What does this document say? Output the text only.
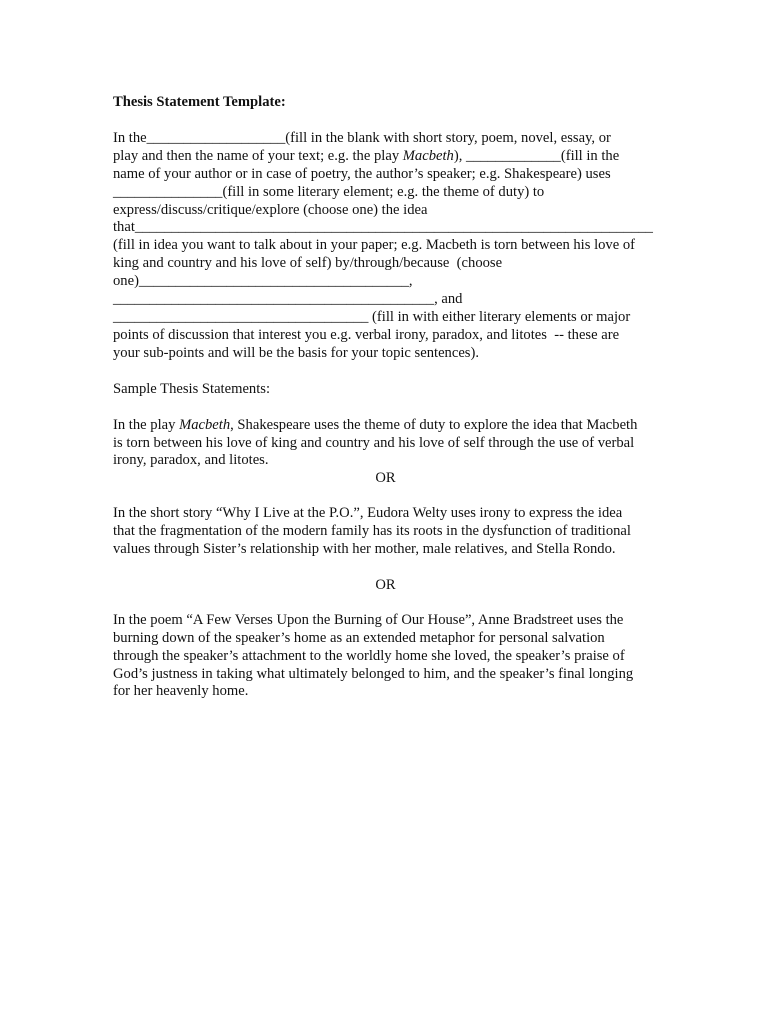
Thesis Statement Template:
In the___________________(fill in the blank with short story, poem, novel, essay, or
play and then the name of your text; e.g. the play Macbeth), _____________(fill in the
name of your author or in case of poetry, the author’s speaker; e.g. Shakespeare) uses
_______________(fill in some literary element; e.g. the theme of duty) to
express/discuss/critique/explore (choose one) the idea
that_______________________________________________________________________
(fill in idea you want to talk about in your paper; e.g. Macbeth is torn between his love of
king and country and his love of self) by/through/because  (choose
one)_____________________________________,
____________________________________________, and
___________________________________ (fill in with either literary elements or major
points of discussion that interest you e.g. verbal irony, paradox, and litotes  -- these are
your sub-points and will be the basis for your topic sentences).
Sample Thesis Statements:
In the play Macbeth, Shakespeare uses the theme of duty to explore the idea that Macbeth
is torn between his love of king and country and his love of self through the use of verbal
irony, paradox, and litotes.
OR
In the short story “Why I Live at the P.O.”, Eudora Welty uses irony to express the idea
that the fragmentation of the modern family has its roots in the dysfunction of traditional
values through Sister’s relationship with her mother, male relatives, and Stella Rondo.
OR
In the poem “A Few Verses Upon the Burning of Our House”, Anne Bradstreet uses the
burning down of the speaker’s home as an extended metaphor for personal salvation
through the speaker’s attachment to the worldly home she loved, the speaker’s praise of
God’s justness in taking what ultimately belonged to him, and the speaker’s final longing
for her heavenly home.
